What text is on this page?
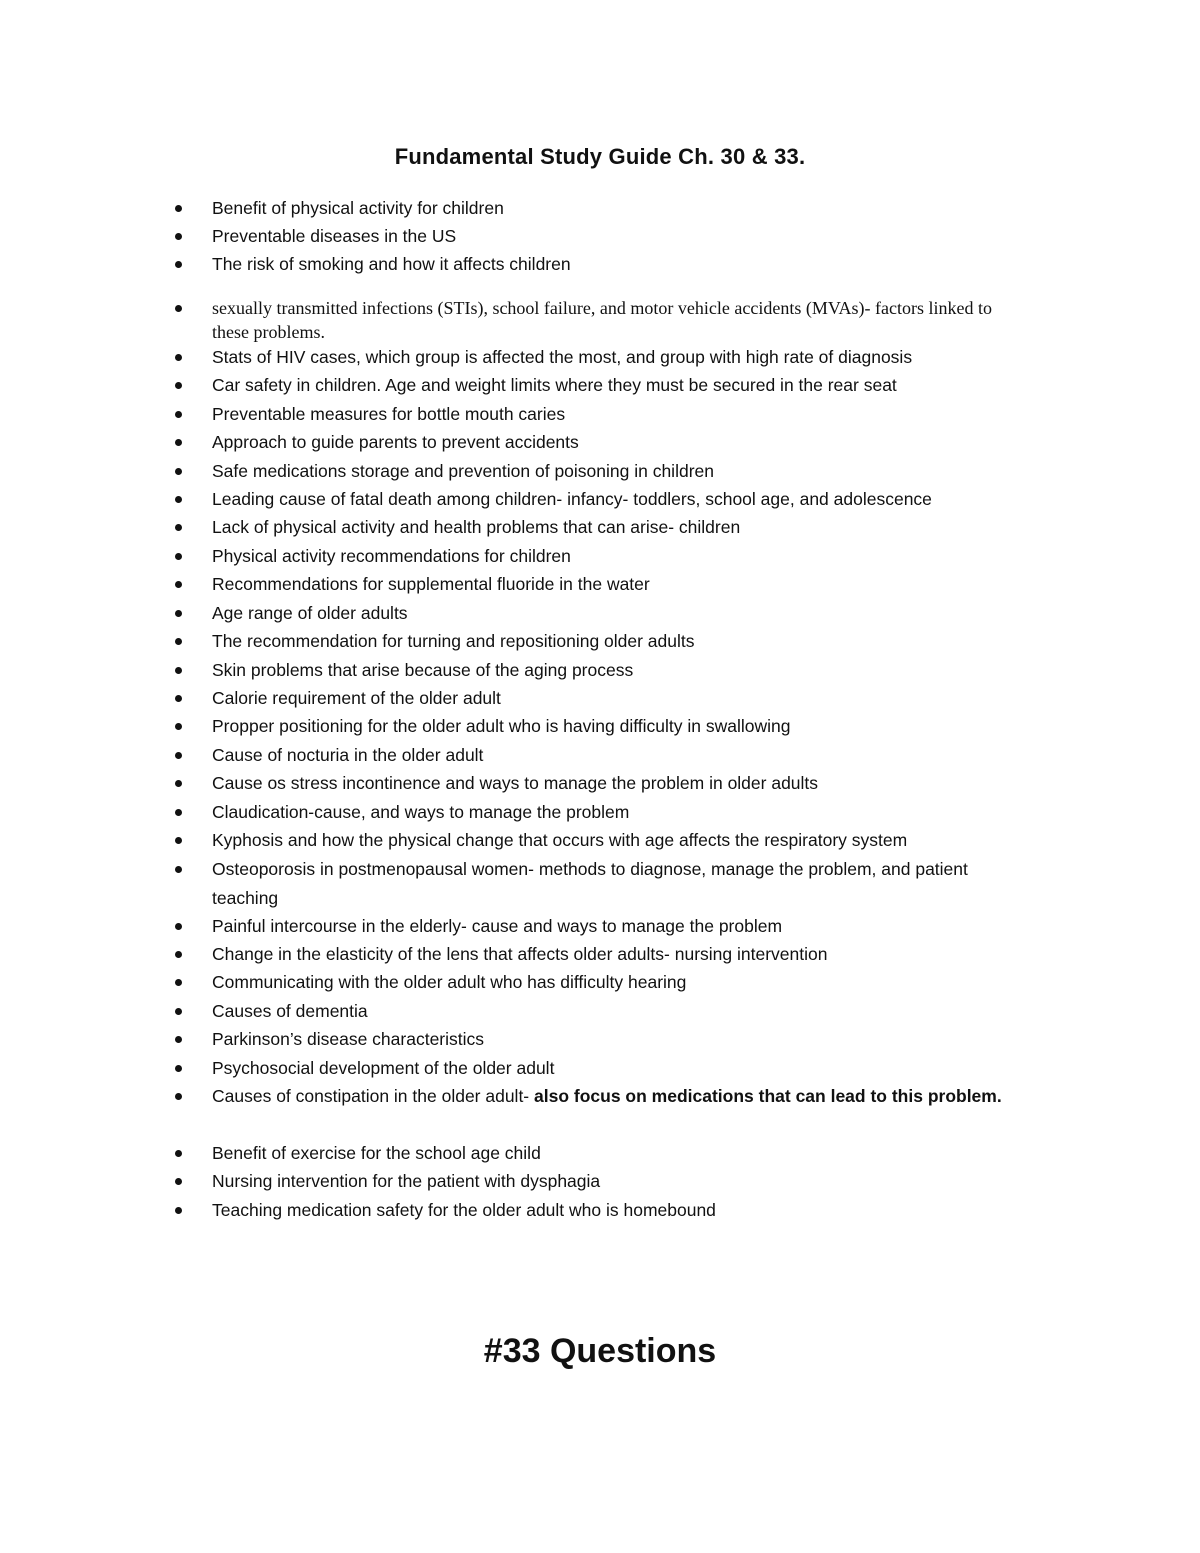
Fundamental Study Guide Ch. 30 & 33.
Benefit of physical activity for children
Preventable diseases in the US
The risk of smoking and how it affects children
sexually transmitted infections (STIs), school failure, and motor vehicle accidents (MVAs)- factors linked to these problems.
Stats of HIV cases, which group is affected the most, and group with high rate of diagnosis
Car safety in children. Age and weight limits where they must be secured in the rear seat
Preventable measures for bottle mouth caries
Approach to guide parents to prevent accidents
Safe medications storage and prevention of poisoning in children
Leading cause of fatal death among children- infancy- toddlers, school age, and adolescence
Lack of physical activity and health problems that can arise- children
Physical activity recommendations for children
Recommendations for supplemental fluoride in the water
Age range of older adults
The recommendation for turning and repositioning older adults
Skin problems that arise because of the aging process
Calorie requirement of the older adult
Propper positioning for the older adult who is having difficulty in swallowing
Cause of nocturia in the older adult
Cause os stress incontinence and ways to manage the problem in older adults
Claudication-cause, and ways to manage the problem
Kyphosis and how the physical change that occurs with age affects the respiratory system
Osteoporosis in postmenopausal women- methods to diagnose, manage the problem, and patient teaching
Painful intercourse in the elderly- cause and ways to manage the problem
Change in the elasticity of the lens that affects older adults- nursing intervention
Communicating with the older adult who has difficulty hearing
Causes of dementia
Parkinson’s disease characteristics
Psychosocial development of the older adult
Causes of constipation in the older adult- also focus on medications that can lead to this problem.
Benefit of exercise for the school age child
Nursing intervention for the patient with dysphagia
Teaching medication safety for the older adult who is homebound
#33 Questions
